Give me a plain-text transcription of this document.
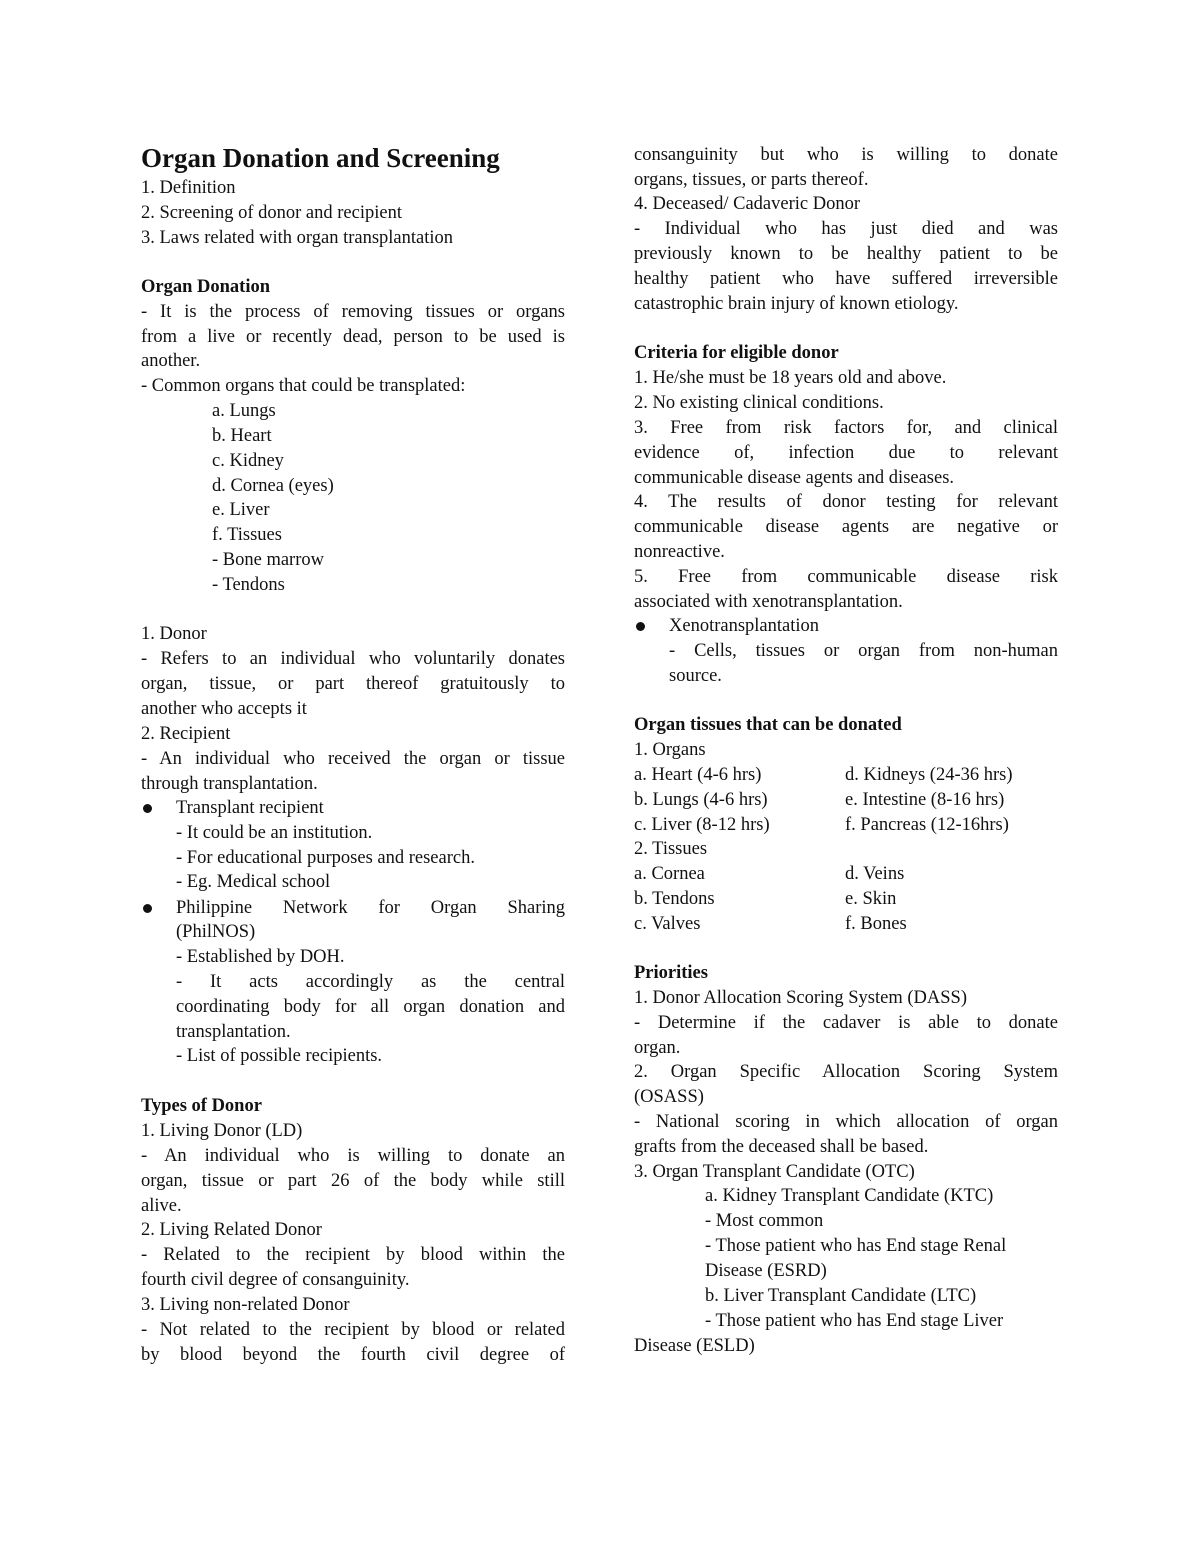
Organ Donation and Screening
1. Definition
2. Screening of donor and recipient
3. Laws related with organ transplantation
Organ Donation
- It is the process of removing tissues or organs
from a live or recently dead, person to be used is
another.
- Common organs that could be transplated:
a. Lungs
b. Heart
c. Kidney
d. Cornea (eyes)
e. Liver
f. Tissues
- Bone marrow
- Tendons
1. Donor
- Refers to an individual who voluntarily donates
organ, tissue, or part thereof gratuitously to
another who accepts it
2. Recipient
- An individual who received the organ or tissue
through transplantation.
Transplant recipient
- It could be an institution.
- For educational purposes and research.
- Eg. Medical school
Philippine Network for Organ Sharing
(PhilNOS)
- Established by DOH.
- It acts accordingly as the central
coordinating body for all organ donation and
transplantation.
- List of possible recipients.
Types of Donor
1. Living Donor (LD)
- An individual who is willing to donate an
organ, tissue or part 26 of the body while still
alive.
2. Living Related Donor
- Related to the recipient by blood within the
fourth civil degree of consanguinity.
3. Living non-related Donor
- Not related to the recipient by blood or related
by blood beyond the fourth civil degree of
consanguinity but who is willing to donate
organs, tissues, or parts thereof.
4. Deceased/ Cadaveric Donor
- Individual who has just died and was
previously known to be healthy patient to be
healthy patient who have suffered irreversible
catastrophic brain injury of known etiology.
Criteria for eligible donor
1. He/she must be 18 years old and above.
2. No existing clinical conditions.
3. Free from risk factors for, and clinical
evidence of, infection due to relevant
communicable disease agents and diseases.
4. The results of donor testing for relevant
communicable disease agents are negative or
nonreactive.
5. Free from communicable disease risk
associated with xenotransplantation.
Xenotransplantation
- Cells, tissues or organ from non-human
source.
Organ tissues that can be donated
1. Organs
a. Heart (4-6 hrs)	d. Kidneys (24-36 hrs)
b. Lungs (4-6 hrs)	e. Intestine (8-16 hrs)
c. Liver (8-12 hrs)	f. Pancreas (12-16hrs)
2. Tissues
a. Cornea	d. Veins
b. Tendons	e. Skin
c. Valves	f. Bones
Priorities
1. Donor Allocation Scoring System (DASS)
- Determine if the cadaver is able to donate
organ.
2. Organ Specific Allocation Scoring System
(OSASS)
- National scoring in which allocation of organ
grafts from the deceased shall be based.
3. Organ Transplant Candidate (OTC)
a. Kidney Transplant Candidate (KTC)
- Most common
- Those patient who has End stage Renal
Disease (ESRD)
b. Liver Transplant Candidate (LTC)
- Those patient who has End stage Liver
Disease (ESLD)
